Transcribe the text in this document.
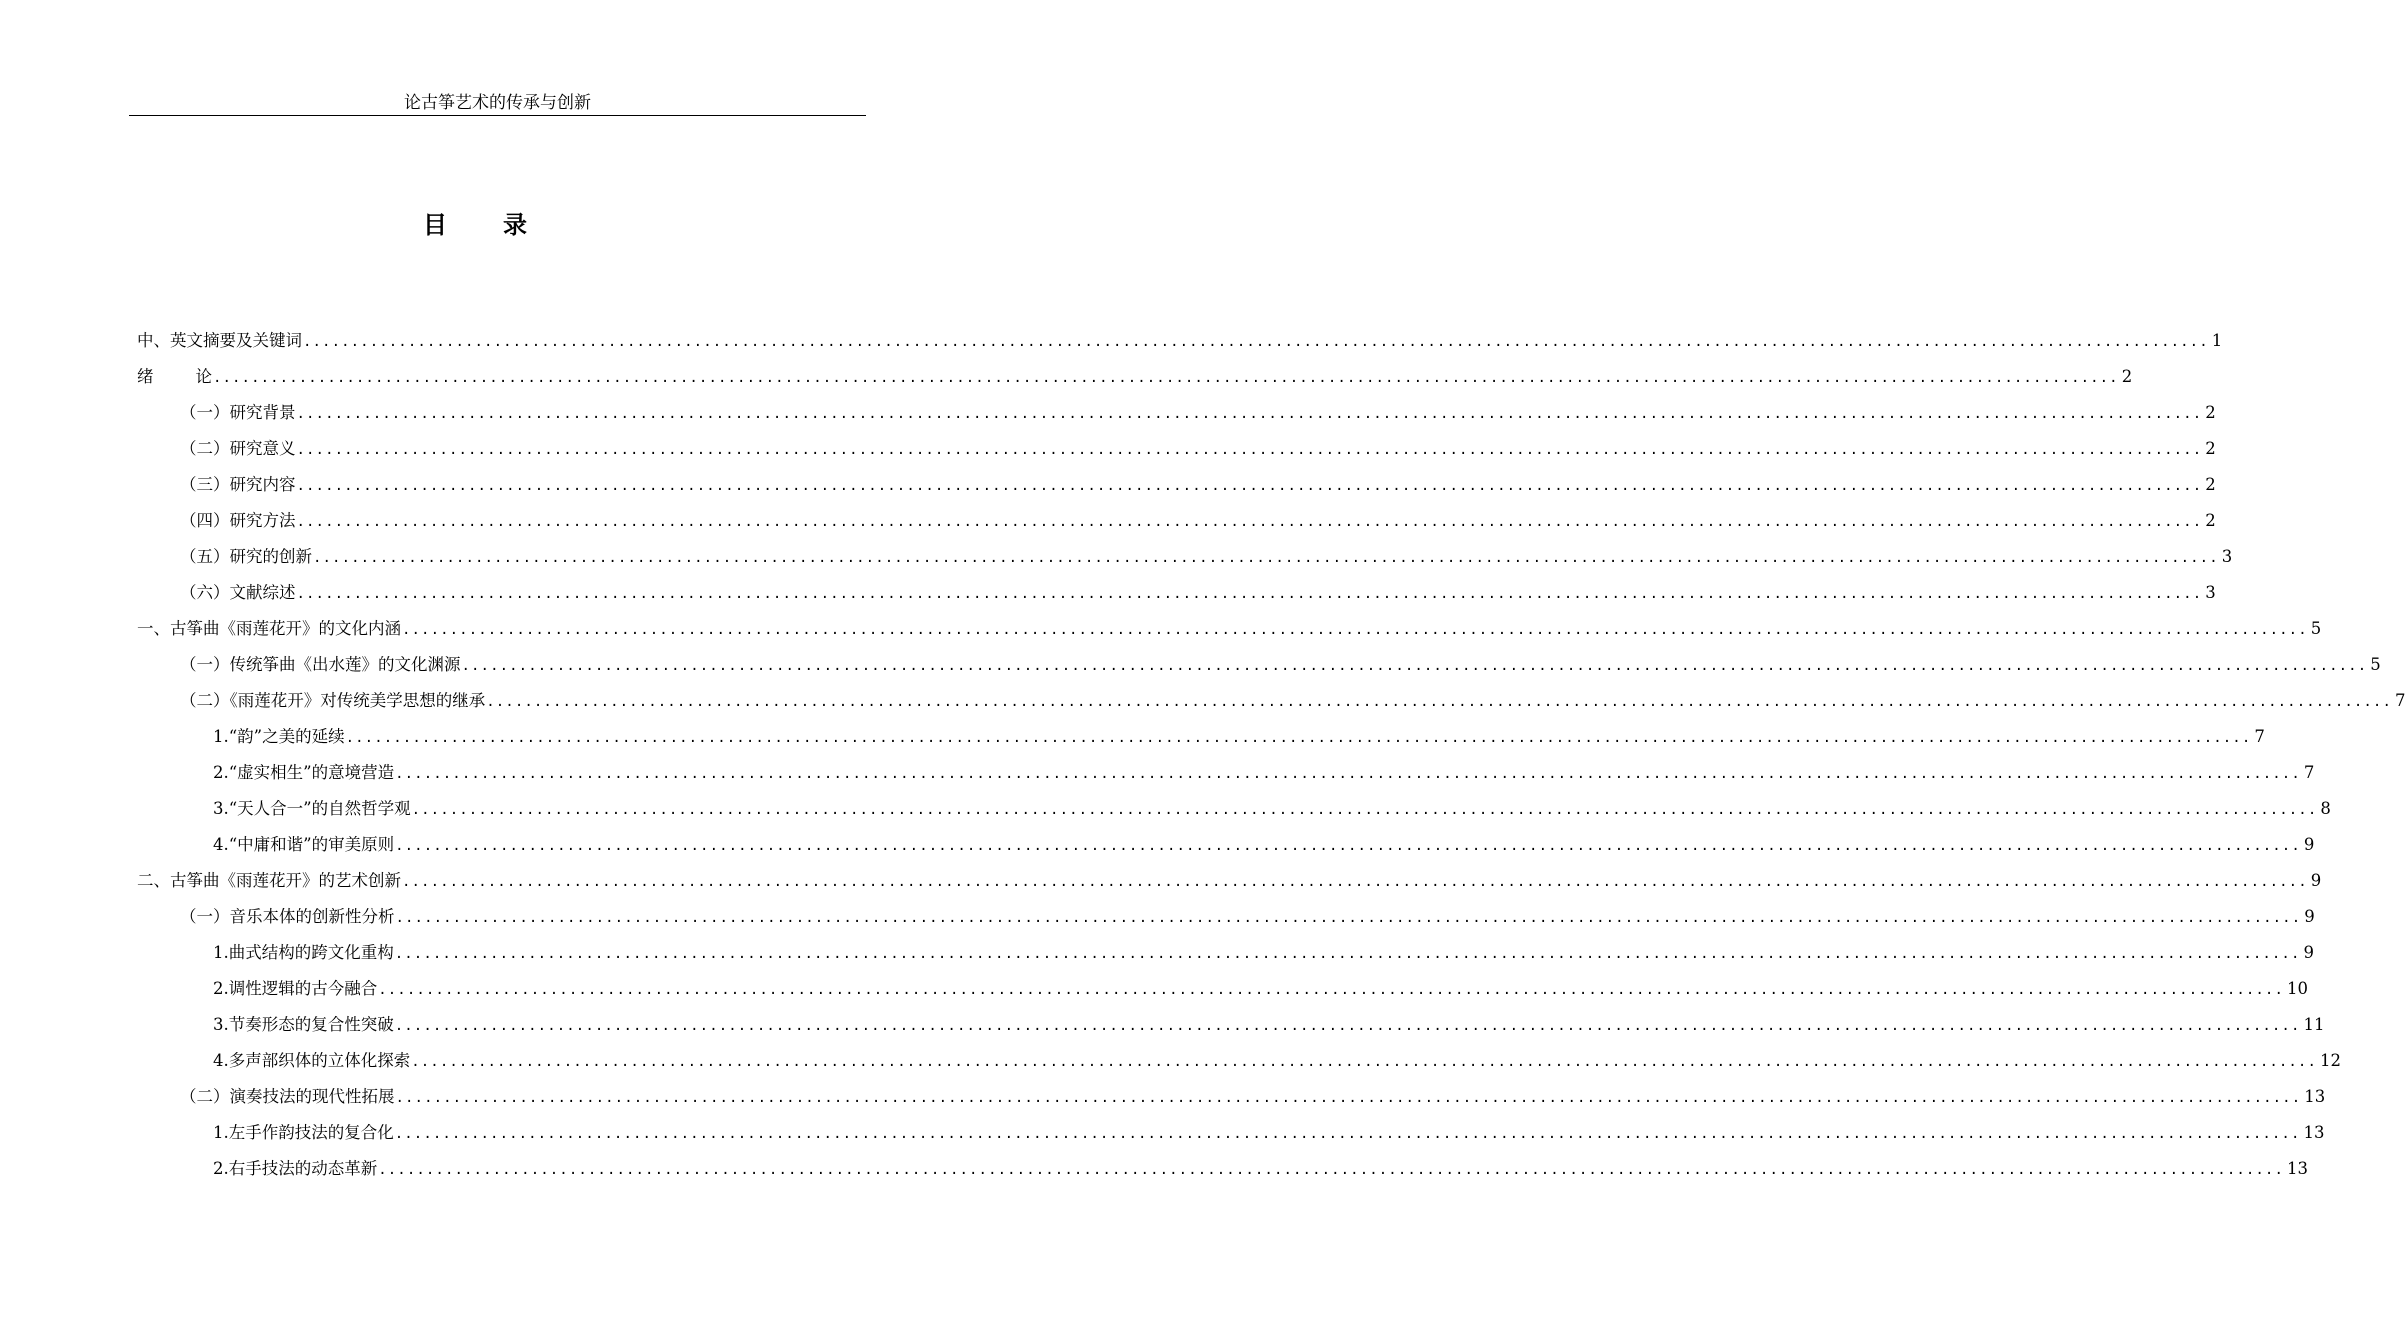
论古筝艺术的传承与创新
目 录
中、英文摘要及关键词 ........................................................................................................................................................................................................ 1
绪        论 ........................................................................................................................................................................................................ 2
（一）研究背景 ........................................................................................................................................................................................................ 2
（二）研究意义 ........................................................................................................................................................................................................ 2
（三）研究内容 ........................................................................................................................................................................................................ 2
（四）研究方法 ........................................................................................................................................................................................................ 2
（五）研究的创新 ........................................................................................................................................................................................................ 3
（六）文献综述 ........................................................................................................................................................................................................ 3
一、古筝曲《雨莲花开》的文化内涵 ........................................................................................................................................................................................................ 5
（一）传统筝曲《出水莲》的文化渊源 ........................................................................................................................................................................................................ 5
（二）《雨莲花开》对传统美学思想的继承 ........................................................................................................................................................................................................ 7
1.“韵”之美的延续 ........................................................................................................................................................................................................ 7
2.“虚实相生”的意境营造 ........................................................................................................................................................................................................ 7
3.“天人合一”的自然哲学观 ........................................................................................................................................................................................................ 8
4.“中庸和谐”的审美原则 ........................................................................................................................................................................................................ 9
二、古筝曲《雨莲花开》的艺术创新 ........................................................................................................................................................................................................ 9
（一）音乐本体的创新性分析 ........................................................................................................................................................................................................ 9
1.曲式结构的跨文化重构 ........................................................................................................................................................................................................ 9
2.调性逻辑的古今融合 ........................................................................................................................................................................................................ 10
3.节奏形态的复合性突破 ........................................................................................................................................................................................................ 11
4.多声部织体的立体化探索 ........................................................................................................................................................................................................ 12
（二）演奏技法的现代性拓展 ........................................................................................................................................................................................................ 13
1.左手作韵技法的复合化 ........................................................................................................................................................................................................ 13
2.右手技法的动态革新 ........................................................................................................................................................................................................ 13
